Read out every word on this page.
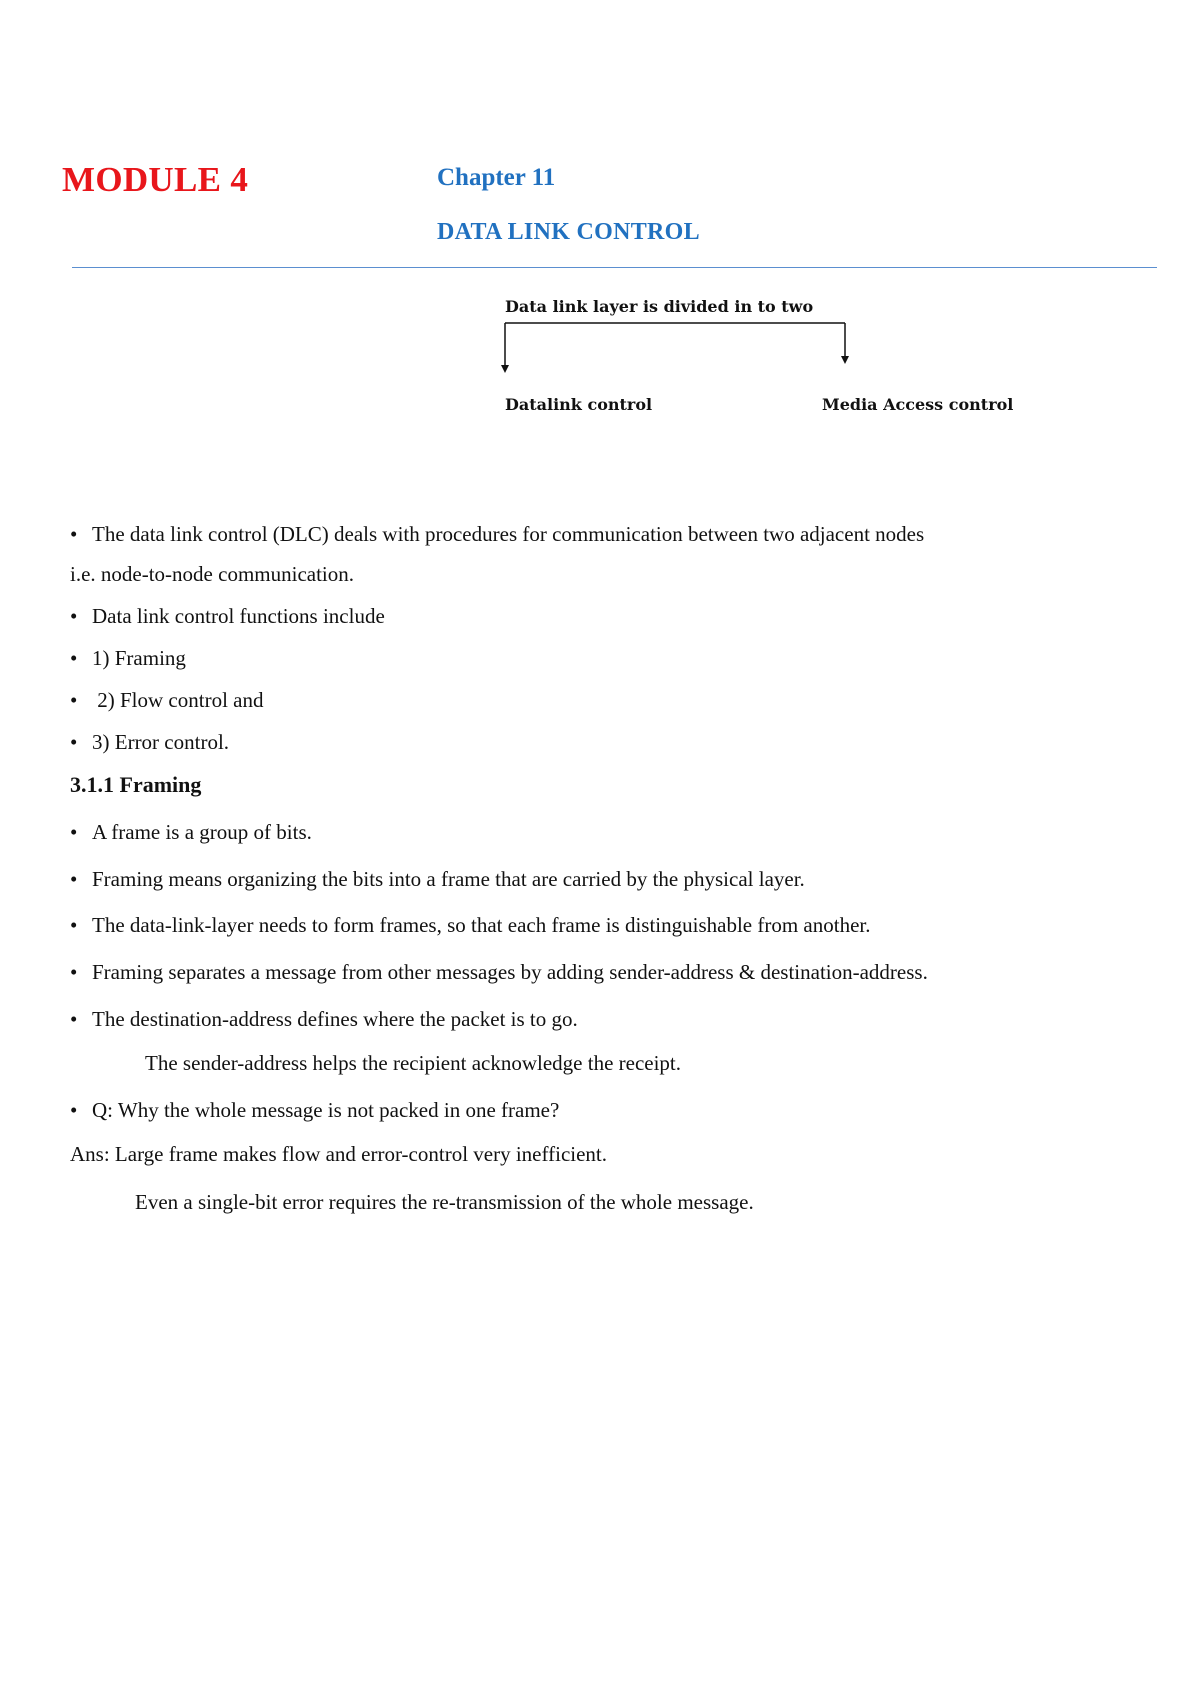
MODULE 4	Chapter 11
DATA LINK CONTROL
Data link layer is divided in to two
Datalink control	Media Access control
• The data link control (DLC) deals with procedures for communication between two adjacent nodes
i.e. node-to-node communication.
• Data link control functions include
• 1) Framing
• 2) Flow control and
• 3) Error control.
3.1.1 Framing
• A frame is a group of bits.
• Framing means organizing the bits into a frame that are carried by the physical layer.
• The data-link-layer needs to form frames, so that each frame is distinguishable from another.
• Framing separates a message from other messages by adding sender-address & destination-address.
• The destination-address defines where the packet is to go.
The sender-address helps the recipient acknowledge the receipt.
• Q: Why the whole message is not packed in one frame?
Ans: Large frame makes flow and error-control very inefficient.
Even a single-bit error requires the re-transmission of the whole message.
